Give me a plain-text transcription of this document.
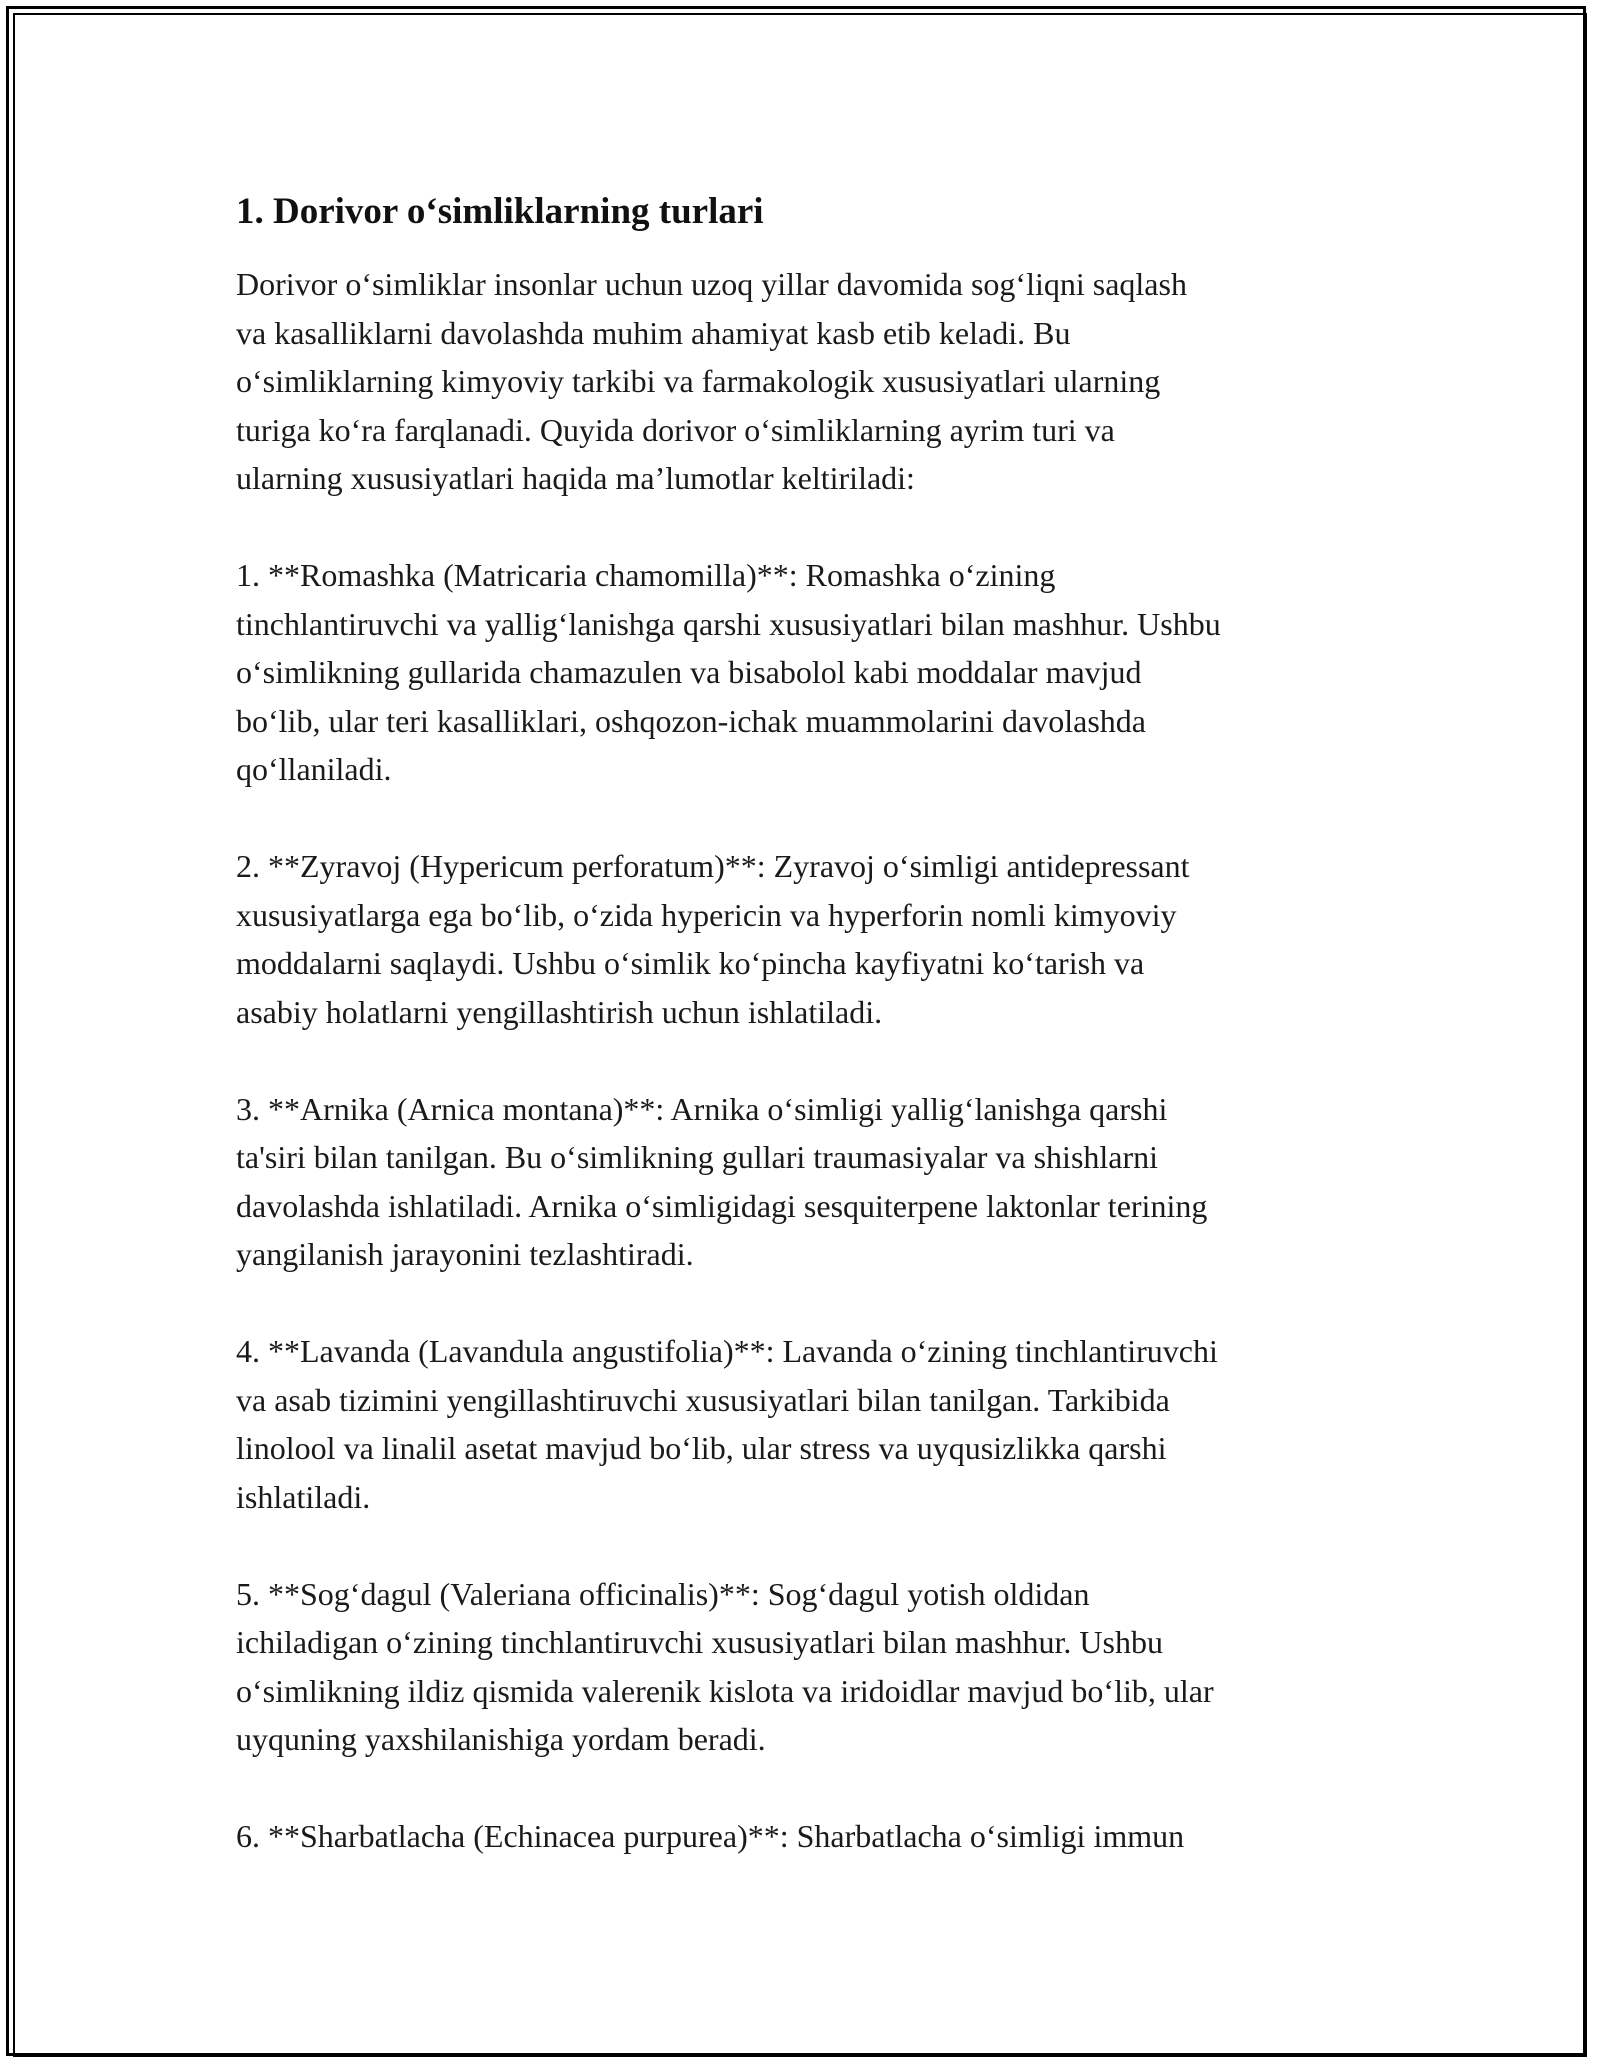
1. Dorivor o‘simliklarning turlari
Dorivor o‘simliklar insonlar uchun uzoq yillar davomida sog‘liqni saqlash
va kasalliklarni davolashda muhim ahamiyat kasb etib keladi. Bu
o‘simliklarning kimyoviy tarkibi va farmakologik xususiyatlari ularning
turiga ko‘ra farqlanadi. Quyida dorivor o‘simliklarning ayrim turi va
ularning xususiyatlari haqida ma’lumotlar keltiriladi:
1. **Romashka (Matricaria chamomilla)**: Romashka o‘zining
tinchlantiruvchi va yallig‘lanishga qarshi xususiyatlari bilan mashhur. Ushbu
o‘simlikning gullarida chamazulen va bisabolol kabi moddalar mavjud
bo‘lib, ular teri kasalliklari, oshqozon-ichak muammolarini davolashda
qo‘llaniladi.
2. **Zyravoj (Hypericum perforatum)**: Zyravoj o‘simligi antidepressant
xususiyatlarga ega bo‘lib, o‘zida hypericin va hyperforin nomli kimyoviy
moddalarni saqlaydi. Ushbu o‘simlik ko‘pincha kayfiyatni ko‘tarish va
asabiy holatlarni yengillashtirish uchun ishlatiladi.
3. **Arnika (Arnica montana)**: Arnika o‘simligi yallig‘lanishga qarshi
ta'siri bilan tanilgan. Bu o‘simlikning gullari traumasiyalar va shishlarni
davolashda ishlatiladi. Arnika o‘simligidagi sesquiterpene laktonlar terining
yangilanish jarayonini tezlashtiradi.
4. **Lavanda (Lavandula angustifolia)**: Lavanda o‘zining tinchlantiruvchi
va asab tizimini yengillashtiruvchi xususiyatlari bilan tanilgan. Tarkibida
linolool va linalil asetat mavjud bo‘lib, ular stress va uyqusizlikka qarshi
ishlatiladi.
5. **Sog‘dagul (Valeriana officinalis)**: Sog‘dagul yotish oldidan
ichiladigan o‘zining tinchlantiruvchi xususiyatlari bilan mashhur. Ushbu
o‘simlikning ildiz qismida valerenik kislota va iridoidlar mavjud bo‘lib, ular
uyquning yaxshilanishiga yordam beradi.
6. **Sharbatlacha (Echinacea purpurea)**: Sharbatlacha o‘simligi immun
